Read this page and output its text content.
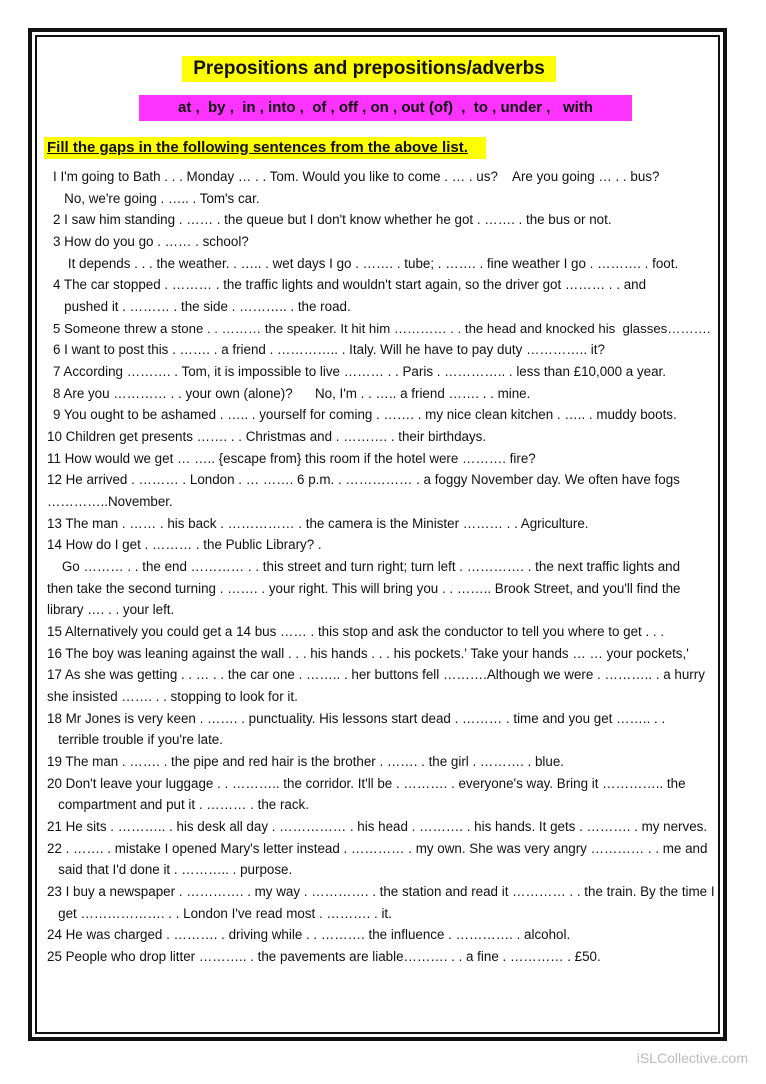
Prepositions and prepositions/adverbs
at ,  by ,  in , into ,  of , off , on , out (of)  ,  to , under ,   with
Fill the gaps in the following sentences from the above list.
I I'm going to Bath . . . Monday … . . Tom. Would you like to come . … . us?    Are you going … . . bus?
No, we're going . ….. . Tom's car.
2 I saw him standing . …… . the queue but I don't know whether he got . ……. . the bus or not.
3 How do you go . …… . school?
It depends . . . the weather. . ….. . wet days I go . ……. . tube; . ……. . fine weather I go . ………. . foot.
4 The car stopped . ……… . the traffic lights and wouldn't start again, so the driver got ……… . . and
pushed it . ……… . the side . ……….. . the road.
5 Someone threw a stone . . ……… the speaker. It hit him ………… . . the head and knocked his  glasses……….
6 I want to post this . ……. . a friend . ………….. . Italy. Will he have to pay duty ………….. it?
7 According ………. . Tom, it is impossible to live ……… . . Paris . ………….. . less than £10,000 a year.
8 Are you ………… . . your own (alone)?      No, I'm . . ….. a friend ……. . . mine.
9 You ought to be ashamed . ….. . yourself for coming . ……. . my nice clean kitchen . ….. . muddy boots.
10 Children get presents ……. . . Christmas and . ………. . their birthdays.
11 How would we get … ….. {escape from} this room if the hotel were ………. fire?
12 He arrived . ……… . London . … ……. 6 p.m. . …………… . a foggy November day. We often have fogs
…………..November.
13 The man . …… . his back . …………… . the camera is the Minister ……… . . Agriculture.
14 How do I get . ……… . the Public Library? .
Go ……… . . the end ………… . . this street and turn right; turn left . …………. . the next traffic lights and
then take the second turning . ……. . your right. This will bring you . . …….. Brook Street, and you'll find the
library …. . . your left.
15 Alternatively you could get a 14 bus …… . this stop and ask the conductor to tell you where to get . . .
16 The boy was leaning against the wall . . . his hands . . . his pockets.' Take your hands … … your pockets,'
17 As she was getting . . … . . the car one . …….. . her buttons fell ……….Although we were . ……….. . a hurry
she insisted ……. . . stopping to look for it.
18 Mr Jones is very keen . ……. . punctuality. His lessons start dead . ……… . time and you get …….. . .
terrible trouble if you're late.
19 The man . ……. . the pipe and red hair is the brother . ……. . the girl . ………. . blue.
20 Don't leave your luggage . . ……….. the corridor. It'll be . ………. . everyone's way. Bring it ………….. the
compartment and put it . ……… . the rack.
21 He sits . ……….. . his desk all day . …………… . his head . ………. . his hands. It gets . ………. . my nerves.
22 . ……. . mistake I opened Mary's letter instead . ………… . my own. She was very angry ………… . . me and
said that I'd done it . ……….. . purpose.
23 I buy a newspaper . …………. . my way . …………. . the station and read it ………… . . the train. By the time I
get ………………. . . London I've read most . ………. . it.
24 He was charged . ………. . driving while . . ………. the influence . …………. . alcohol.
25 People who drop litter ……….. . the pavements are liable………. . . a fine . ………… . £50.
iSLCollective.com
